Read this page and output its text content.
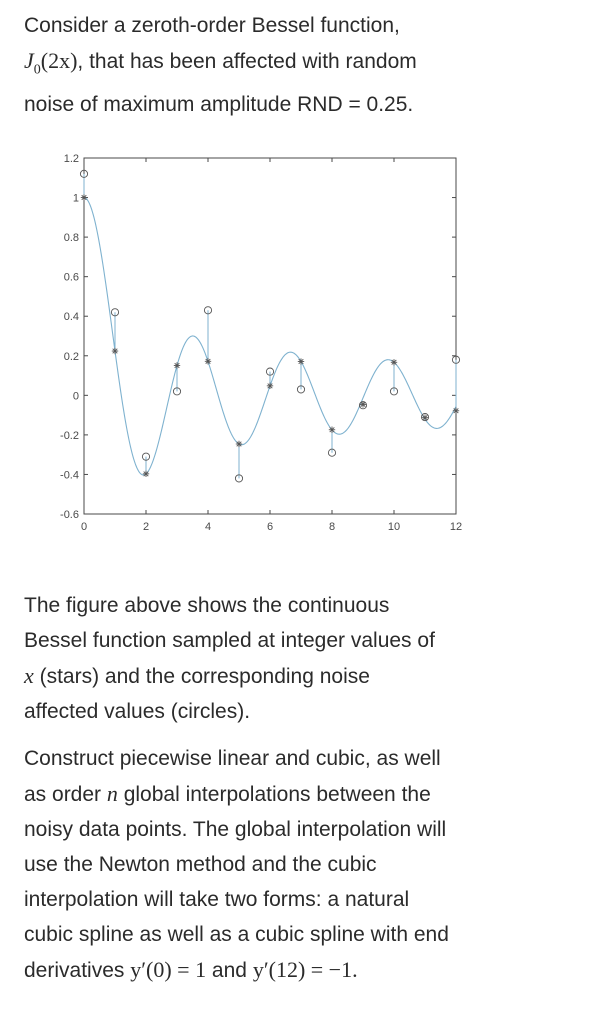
Consider a zeroth-order Bessel function,
$J_0(2x)$, that has been affected with random
noise of maximum amplitude RND = 0.25.

0	2	4	6	8	10	12
-0.6
-0.4
-0.2
0
0.2
0.4
0.6
0.8
1
1.2

The figure above shows the continuous
Bessel function sampled at integer values of
x (stars) and the corresponding noise
affected values (circles).

Construct piecewise linear and cubic, as well
as order n global interpolations between the
noisy data points. The global interpolation will
use the Newton method and the cubic
interpolation will take two forms: a natural
cubic spline as well as a cubic spline with end
derivatives y′(0) = 1 and y′(12) = −1.
